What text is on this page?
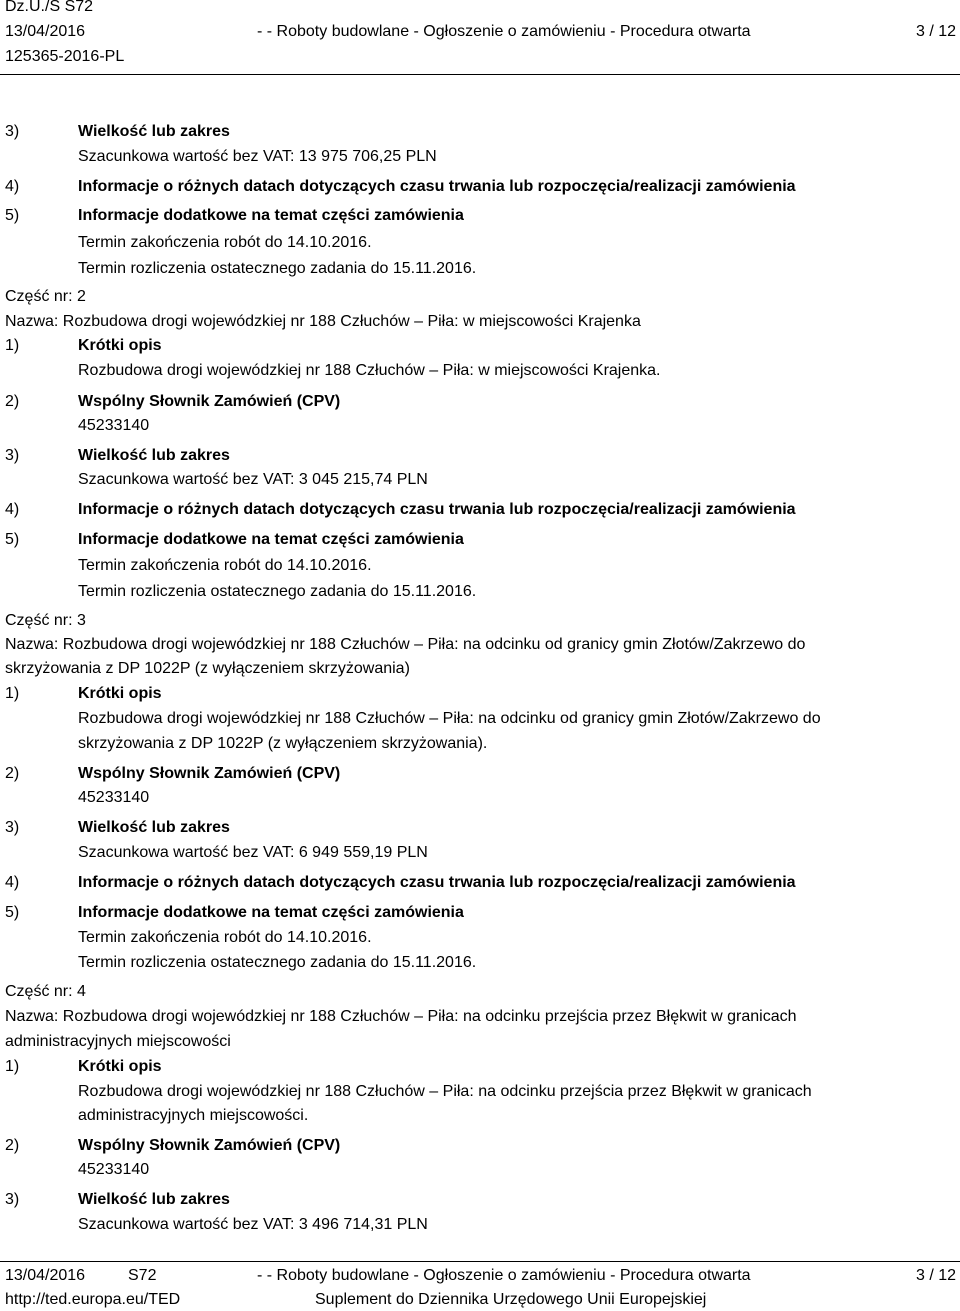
Dz.U./S S72
13/04/2016	- - Roboty budowlane - Ogłoszenie o zamówieniu - Procedura otwarta	3 / 12
125365-2016-PL
3)	Wielkość lub zakres
Szacunkowa wartość bez VAT: 13 975 706,25 PLN
4)	Informacje o różnych datach dotyczących czasu trwania lub rozpoczęcia/realizacji zamówienia
5)	Informacje dodatkowe na temat części zamówienia
Termin zakończenia robót do 14.10.2016.
Termin rozliczenia ostatecznego zadania do 15.11.2016.
Część nr: 2
Nazwa: Rozbudowa drogi wojewódzkiej nr 188 Człuchów – Piła: w miejscowości Krajenka
1)	Krótki opis
Rozbudowa drogi wojewódzkiej nr 188 Człuchów – Piła: w miejscowości Krajenka.
2)	Wspólny Słownik Zamówień (CPV)
45233140
3)	Wielkość lub zakres
Szacunkowa wartość bez VAT: 3 045 215,74 PLN
4)	Informacje o różnych datach dotyczących czasu trwania lub rozpoczęcia/realizacji zamówienia
5)	Informacje dodatkowe na temat części zamówienia
Termin zakończenia robót do 14.10.2016.
Termin rozliczenia ostatecznego zadania do 15.11.2016.
Część nr: 3
Nazwa: Rozbudowa drogi wojewódzkiej nr 188 Człuchów – Piła: na odcinku od granicy gmin Złotów/Zakrzewo do
skrzyżowania z DP 1022P (z wyłączeniem skrzyżowania)
1)	Krótki opis
Rozbudowa drogi wojewódzkiej nr 188 Człuchów – Piła: na odcinku od granicy gmin Złotów/Zakrzewo do
skrzyżowania z DP 1022P (z wyłączeniem skrzyżowania).
2)	Wspólny Słownik Zamówień (CPV)
45233140
3)	Wielkość lub zakres
Szacunkowa wartość bez VAT: 6 949 559,19 PLN
4)	Informacje o różnych datach dotyczących czasu trwania lub rozpoczęcia/realizacji zamówienia
5)	Informacje dodatkowe na temat części zamówienia
Termin zakończenia robót do 14.10.2016.
Termin rozliczenia ostatecznego zadania do 15.11.2016.
Część nr: 4
Nazwa: Rozbudowa drogi wojewódzkiej nr 188 Człuchów – Piła: na odcinku przejścia przez Błękwit w granicach
administracyjnych miejscowości
1)	Krótki opis
Rozbudowa drogi wojewódzkiej nr 188 Człuchów – Piła: na odcinku przejścia przez Błękwit w granicach
administracyjnych miejscowości.
2)	Wspólny Słownik Zamówień (CPV)
45233140
3)	Wielkość lub zakres
Szacunkowa wartość bez VAT: 3 496 714,31 PLN
13/04/2016	S72	- - Roboty budowlane - Ogłoszenie o zamówieniu - Procedura otwarta	3 / 12
http://ted.europa.eu/TED	Suplement do Dziennika Urzędowego Unii Europejskiej
